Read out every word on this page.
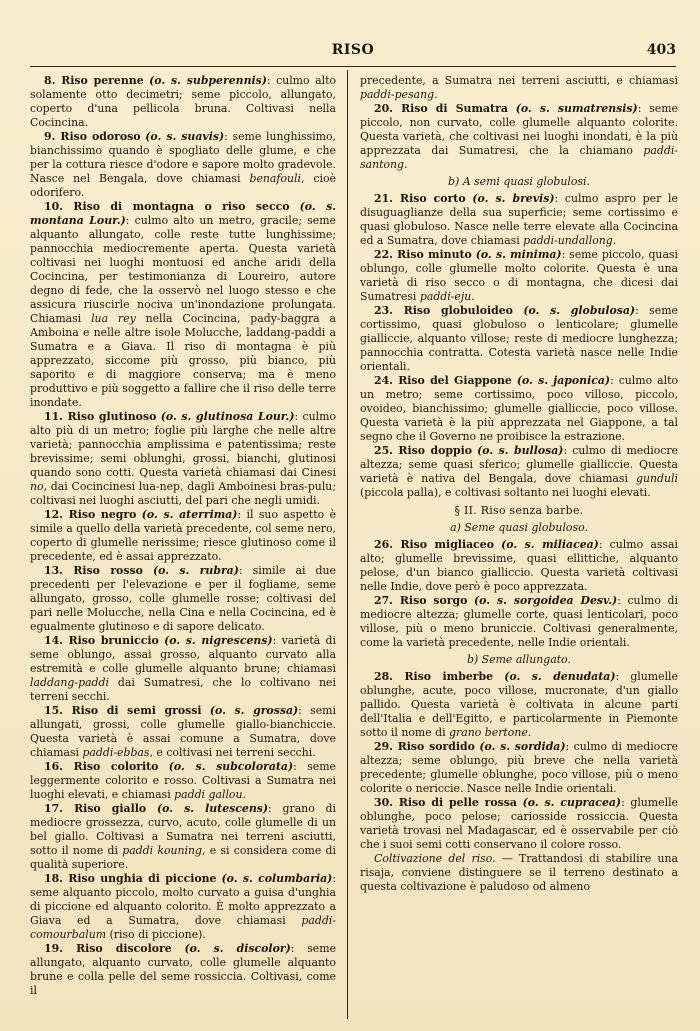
RISO	403

8. Riso perenne (o. s. subperennis): culmo alto solamente otto decimetri; seme piccolo, allungato, coperto d'una pellicola bruna. Coltivasi nella Cocincina.

9. Riso odoroso (o. s. suavis): seme lunghissimo, bianchissimo quando è spogliato delle glume, e che per la cottura riesce d'odore e sapore molto gradevole. Nasce nel Bengala, dove chiamasi benafouli, cioè odorifero.

10. Riso di montagna o riso secco (o. s. montana Lour.): culmo alto un metro, gracile; seme alquanto allungato, colle reste tutte lunghissime; pannocchia mediocremente aperta. Questa varietà coltivasi nei luoghi montuosi ed anche aridi della Cocincina, per testimonianza di Loureiro, autore degno di fede, che la osservò nel luogo stesso e che assicura riuscirle nociva un'inondazione prolungata. Chiamasi lua rey nella Cocincina, pady-baggra a Amboina e nelle altre isole Molucche, laddang-paddi a Sumatra e a Giava. Il riso di montagna è più apprezzato, siccome più grosso, più bianco, più saporito e di maggiore conserva; ma è meno produttivo e più soggetto a fallire che il riso delle terre inondate.

11. Riso glutinoso (o. s. glutinosa Lour.): culmo alto più di un metro; foglie più larghe che nelle altre varietà; pannocchia amplissima e patentissima; reste brevissime; semi oblunghi, grossi, bianchi, glutinosi quando sono cotti. Questa varietà chiamasi dai Cinesi no, dai Cocincinesi lua-nep, dagli Amboinesi bras-pulu; coltivasi nei luoghi asciutti, del pari che negli umidi.

12. Riso negro (o. s. aterrima): il suo aspetto è simile a quello della varietà precedente, col seme nero, coperto di glumelle nerissime; riesce glutinoso come il precedente, ed è assai apprezzato.

13. Riso rosso (o. s. rubra): simile ai due precedenti per l'elevazione e per il fogliame, seme allungato, grosso, colle glumelle rosse; coltivasi del pari nelle Molucche, nella Cina e nella Cocincina, ed è egualmente glutinoso e di sapore delicato.

14. Riso bruniccio (o. s. nigrescens): varietà di seme oblungo, assai grosso, alquanto curvato alla estremità e colle glumelle alquanto brune; chiamasi laddang-paddi dai Sumatresi, che lo coltivano nei terreni secchi.

15. Riso di semi grossi (o. s. grossa): semi allungati, grossi, colle glumelle giallo-bianchiccie. Questa varietà è assai comune a Sumatra, dove chiamasi paddi-ebbas, e coltivasi nei terreni secchi.

16. Riso colorito (o. s. subcolorata): seme leggermente colorito e rosso. Coltivasi a Sumatra nei luoghi elevati, e chiamasi paddi gallou.

17. Riso giallo (o. s. lutescens): grano di mediocre grossezza, curvo, acuto, colle glumelle di un bel giallo. Coltivasi a Sumatra nei terreni asciutti, sotto il nome di paddi kouning, e si considera come di qualità superiore.

18. Riso unghia di piccione (o. s. columbaria): seme alquanto piccolo, molto curvato a guisa d'unghia di piccione ed alquanto colorito. È molto apprezzato a Giava ed a Sumatra, dove chiamasi paddi-comourbalum (riso di piccione).

19. Riso discolore (o. s. discolor): seme allungato, alquanto curvato, colle glumelle alquanto brune e colla pelle del seme rossiccia. Coltivasi, come il

precedente, a Sumatra nei terreni asciutti, e chiamasi paddi-pesang.

20. Riso di Sumatra (o. s. sumatrensis): seme piccolo, non curvato, colle glumelle alquanto colorite. Questa varietà, che coltivasi nei luoghi inondati, è la più apprezzata dai Sumatresi, che la chiamano paddi-santong.

b) A semi quasi globulosi.

21. Riso corto (o. s. brevis): culmo aspro per le disuguaglianze della sua superficie; seme cortissimo e quasi globuloso. Nasce nelle terre elevate alla Cocincina ed a Sumatra, dove chiamasi paddi-undallong.

22. Riso minuto (o. s. minima): seme piccolo, quasi oblungo, colle glumelle molto colorite. Questa è una varietà di riso secco o di montagna, che dicesi dai Sumatresi paddi-eju.

23. Riso globuloideo (o. s. globulosa): seme cortissimo, quasi globuloso o lenticolare; glumelle gialliccie, alquanto villose; reste di mediocre lunghezza; pannocchia contratta. Cotesta varietà nasce nelle Indie orientali.

24. Riso del Giappone (o. s. japonica): culmo alto un metro; seme cortissimo, poco villoso, piccolo, ovoideo, bianchissimo; glumelle gialliccie, poco villose. Questa varietà è la più apprezzata nel Giappone, a tal segno che il Governo ne proibisce la estrazione.

25. Riso doppio (o. s. bullosa): culmo di mediocre altezza; seme quasi sferico; glumelle gialliccie. Questa varietà è nativa del Bengala, dove chiamasi gunduli (piccola palla), e coltivasi soltanto nei luoghi elevati.

§ II. Riso senza barbe.
a) Seme quasi globuloso.

26. Riso migliaceo (o. s. miliacea): culmo assai alto; glumelle brevissime, quasi ellittiche, alquanto pelose, d'un bianco gialliccio. Questa varietà coltivasi nelle Indie, dove però è poco apprezzata.

27. Riso sorgo (o. s. sorgoidea Desv.): culmo di mediocre altezza; glumelle corte, quasi lenticolari, poco villose, più o meno bruniccie. Coltivasi generalmente, come la varietà precedente, nelle Indie orientali.

b) Seme allungato.

28. Riso imberbe (o. s. denudata): glumelle oblunghe, acute, poco villose, mucronate, d'un giallo pallido. Questa varietà è coltivata in alcune parti dell'Italia e dell'Egitto, e particolarmente in Piemonte sotto il nome di grano bertone.

29. Riso sordido (o. s. sordida): culmo di mediocre altezza; seme oblungo, più breve che nella varietà precedente; glumelle oblunghe, poco villose, più o meno colorite o nericcie. Nasce nelle Indie orientali.

30. Riso di pelle rossa (o. s. cupracea): glumelle oblunghe, poco pelose; cariosside rossiccia. Questa varietà trovasi nel Madagascar, ed è osservabile per ciò che i suoi semi cotti conservano il colore rosso.

Coltivazione del riso. — Trattandosi di stabilire una risaja, conviene distinguere se il terreno destinato a questa coltivazione è paludoso od almeno
